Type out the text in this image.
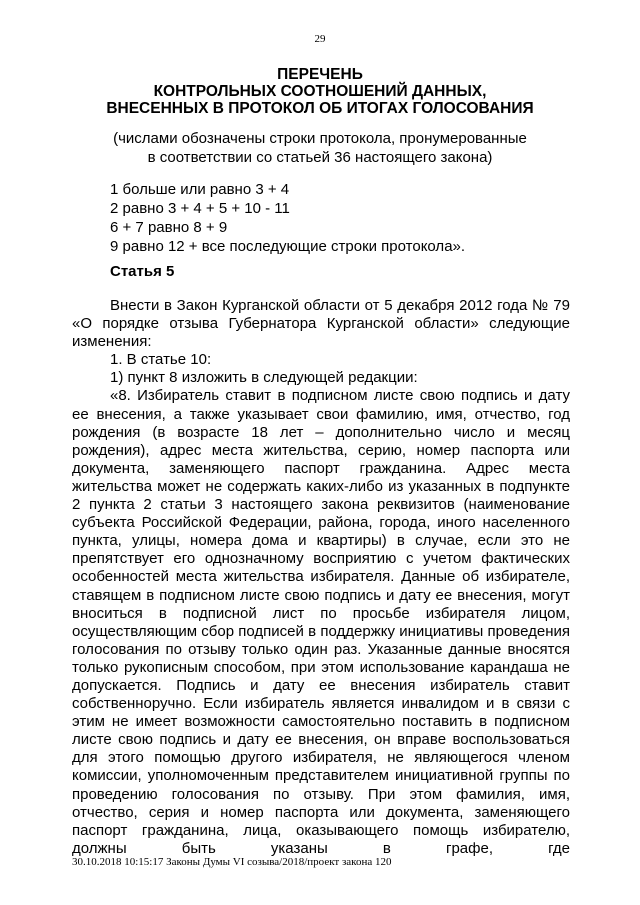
29
ПЕРЕЧЕНЬ
КОНТРОЛЬНЫХ СООТНОШЕНИЙ ДАННЫХ,
ВНЕСЕННЫХ В ПРОТОКОЛ ОБ ИТОГАХ ГОЛОСОВАНИЯ
(числами обозначены строки протокола, пронумерованные
в соответствии со статьей 36 настоящего закона)
1 больше или равно 3 + 4
2 равно 3 + 4 + 5 + 10 - 11
6 + 7 равно 8 + 9
9 равно 12 + все последующие строки протокола».
Статья 5

Внести в Закон Курганской области от 5 декабря 2012 года № 79 «О порядке отзыва Губернатора Курганской области» следующие изменения:

1. В статье 10:

1) пункт 8 изложить в следующей редакции:

«8. Избиратель ставит в подписном листе свою подпись и дату ее внесения, а также указывает свои фамилию, имя, отчество, год рождения (в возрасте 18 лет – дополнительно число и месяц рождения), адрес места жительства, серию, номер паспорта или документа, заменяющего паспорт гражданина. Адрес места жительства может не содержать каких-либо из указанных в подпункте 2 пункта 2 статьи 3 настоящего закона реквизитов (наименование субъекта Российской Федерации, района, города, иного населенного пункта, улицы, номера дома и квартиры) в случае, если это не препятствует его однозначному восприятию с учетом фактических особенностей места жительства избирателя. Данные об избирателе, ставящем в подписном листе свою подпись и дату ее внесения, могут вноситься в подписной лист по просьбе избирателя лицом, осуществляющим сбор подписей в поддержку инициативы проведения голосования по отзыву только один раз. Указанные данные вносятся только рукописным способом, при этом использование карандаша не допускается. Подпись и дату ее внесения избиратель ставит собственноручно. Если избиратель является инвалидом и в связи с этим не имеет возможности самостоятельно поставить в подписном листе свою подпись и дату ее внесения, он вправе воспользоваться для этого помощью другого избирателя, не являющегося членом комиссии, уполномоченным представителем инициативной группы по проведению голосования по отзыву. При этом фамилия, имя, отчество, серия и номер паспорта или документа, заменяющего паспорт гражданина, лица, оказывающего помощь избирателю, должны быть указаны в графе, где

30.10.2018 10:15:17 Законы Думы VI созыва/2018/проект закона 120
